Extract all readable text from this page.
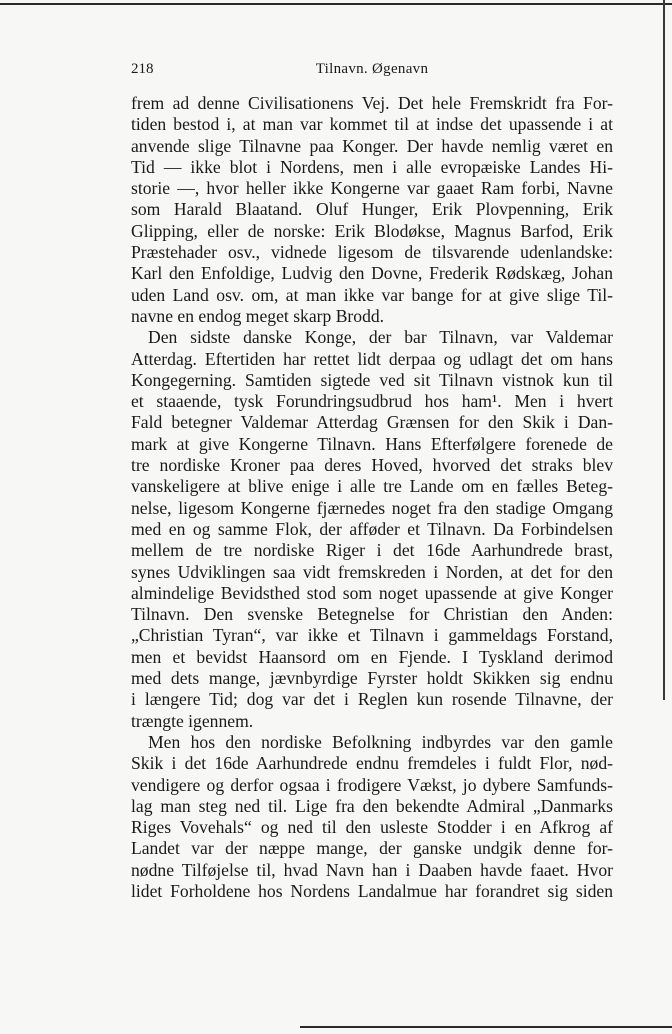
218	Tilnavn. Øgenavn
frem ad denne Civilisationens Vej. Det hele Fremskridt fra For-
tiden bestod i, at man var kommet til at indse det upassende i at
anvende slige Tilnavne paa Konger. Der havde nemlig været en
Tid — ikke blot i Nordens, men i alle evropæiske Landes Hi-
storie —, hvor heller ikke Kongerne var gaaet Ram forbi, Navne
som Harald Blaatand. Oluf Hunger, Erik Plovpenning, Erik
Glipping, eller de norske: Erik Blodøkse, Magnus Barfod, Erik
Præstehader osv., vidnede ligesom de tilsvarende udenlandske:
Karl den Enfoldige, Ludvig den Dovne, Frederik Rødskæg, Johan
uden Land osv. om, at man ikke var bange for at give slige Til-
navne en endog meget skarp Brodd.
Den sidste danske Konge, der bar Tilnavn, var Valdemar
Atterdag. Eftertiden har rettet lidt derpaa og udlagt det om hans
Kongegerning. Samtiden sigtede ved sit Tilnavn vistnok kun til
et staaende, tysk Forundringsudbrud hos ham¹. Men i hvert
Fald betegner Valdemar Atterdag Grænsen for den Skik i Dan-
mark at give Kongerne Tilnavn. Hans Efterfølgere forenede de
tre nordiske Kroner paa deres Hoved, hvorved det straks blev
vanskeligere at blive enige i alle tre Lande om en fælles Beteg-
nelse, ligesom Kongerne fjærnedes noget fra den stadige Omgang
med en og samme Flok, der afføder et Tilnavn. Da Forbindelsen
mellem de tre nordiske Riger i det 16de Aarhundrede brast,
synes Udviklingen saa vidt fremskreden i Norden, at det for den
almindelige Bevidsthed stod som noget upassende at give Konger
Tilnavn. Den svenske Betegnelse for Christian den Anden:
„Christian Tyran“, var ikke et Tilnavn i gammeldags Forstand,
men et bevidst Haansord om en Fjende. I Tyskland derimod
med dets mange, jævnbyrdige Fyrster holdt Skikken sig endnu
i længere Tid; dog var det i Reglen kun rosende Tilnavne, der
trængte igennem.
Men hos den nordiske Befolkning indbyrdes var den gamle
Skik i det 16de Aarhundrede endnu fremdeles i fuldt Flor, nød-
vendigere og derfor ogsaa i frodigere Vækst, jo dybere Samfunds-
lag man steg ned til. Lige fra den bekendte Admiral „Danmarks
Riges Vovehals“ og ned til den usleste Stodder i en Afkrog af
Landet var der næppe mange, der ganske undgik denne for-
nødne Tilføjelse til, hvad Navn han i Daaben havde faaet. Hvor
lidet Forholdene hos Nordens Landalmue har forandret sig siden
